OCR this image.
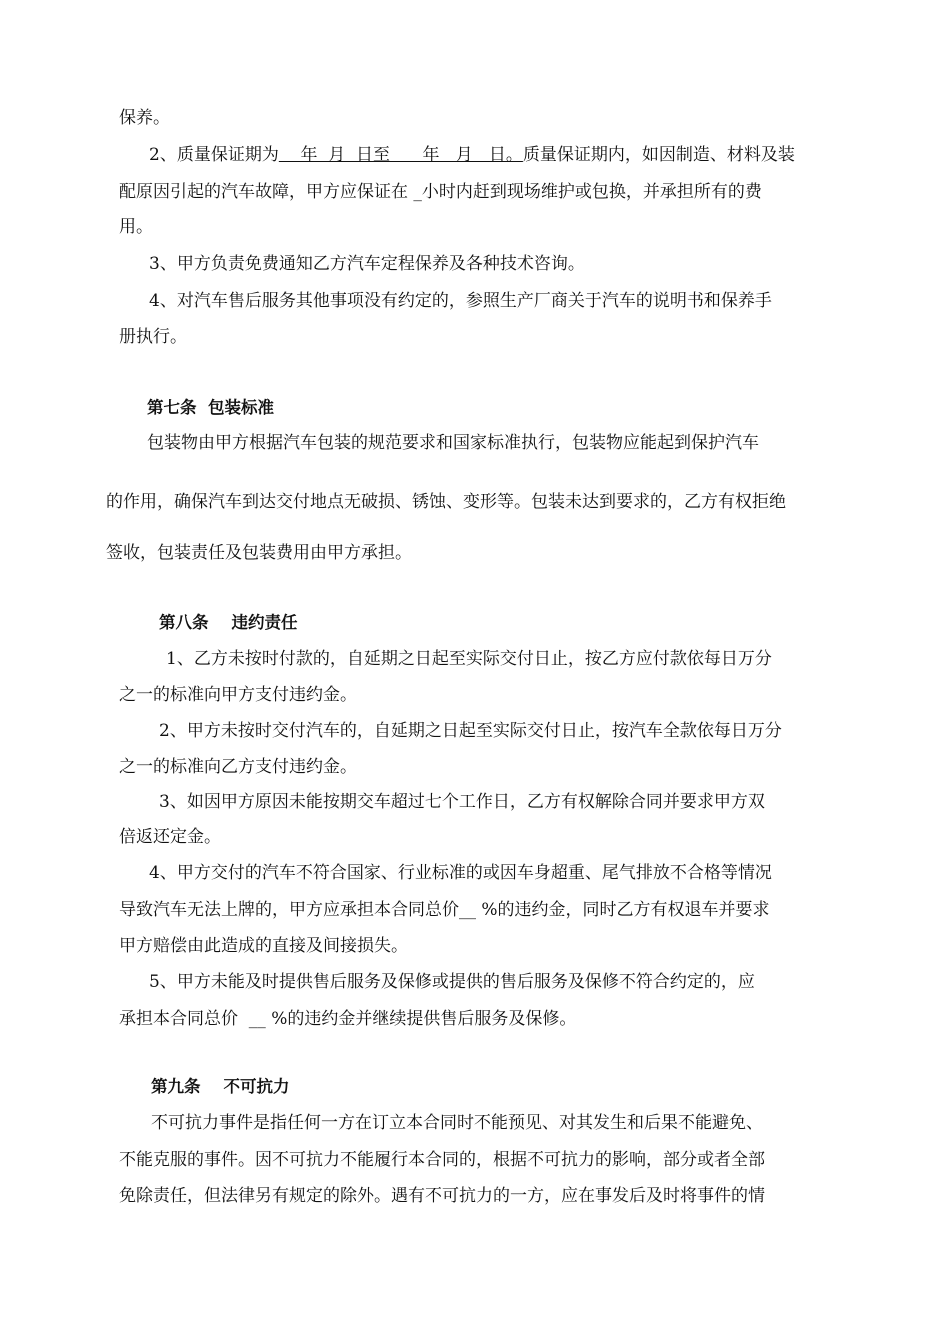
保养。
2、质量保证期为    年  月  日至      年   月   日。质量保证期内，如因制造、材料及装
配原因引起的汽车故障，甲方应保证在 _小时内赶到现场维护或包换，并承担所有的费
用。
3、甲方负责免费通知乙方汽车定程保养及各种技术咨询。
4、对汽车售后服务其他事项没有约定的，参照生产厂商关于汽车的说明书和保养手
册执行。
第七条  包装标准
包装物由甲方根据汽车包装的规范要求和国家标准执行，包装物应能起到保护汽车
的作用，确保汽车到达交付地点无破损、锈蚀、变形等。包装未达到要求的，乙方有权拒绝
签收，包装责任及包装费用由甲方承担。
第八条    违约责任
1、乙方未按时付款的，自延期之日起至实际交付日止，按乙方应付款依每日万分
之一的标准向甲方支付违约金。
2、甲方未按时交付汽车的，自延期之日起至实际交付日止，按汽车全款依每日万分
之一的标准向乙方支付违约金。
3、如因甲方原因未能按期交车超过七个工作日，乙方有权解除合同并要求甲方双
倍返还定金。
4、甲方交付的汽车不符合国家、行业标准的或因车身超重、尾气排放不合格等情况
导致汽车无法上牌的，甲方应承担本合同总价__ %的违约金，同时乙方有权退车并要求
甲方赔偿由此造成的直接及间接损失。
5、甲方未能及时提供售后服务及保修或提供的售后服务及保修不符合约定的，应
承担本合同总价  __ %的违约金并继续提供售后服务及保修。
第九条    不可抗力
不可抗力事件是指任何一方在订立本合同时不能预见、对其发生和后果不能避免、
不能克服的事件。因不可抗力不能履行本合同的，根据不可抗力的影响，部分或者全部
免除责任，但法律另有规定的除外。遇有不可抗力的一方，应在事发后及时将事件的情
